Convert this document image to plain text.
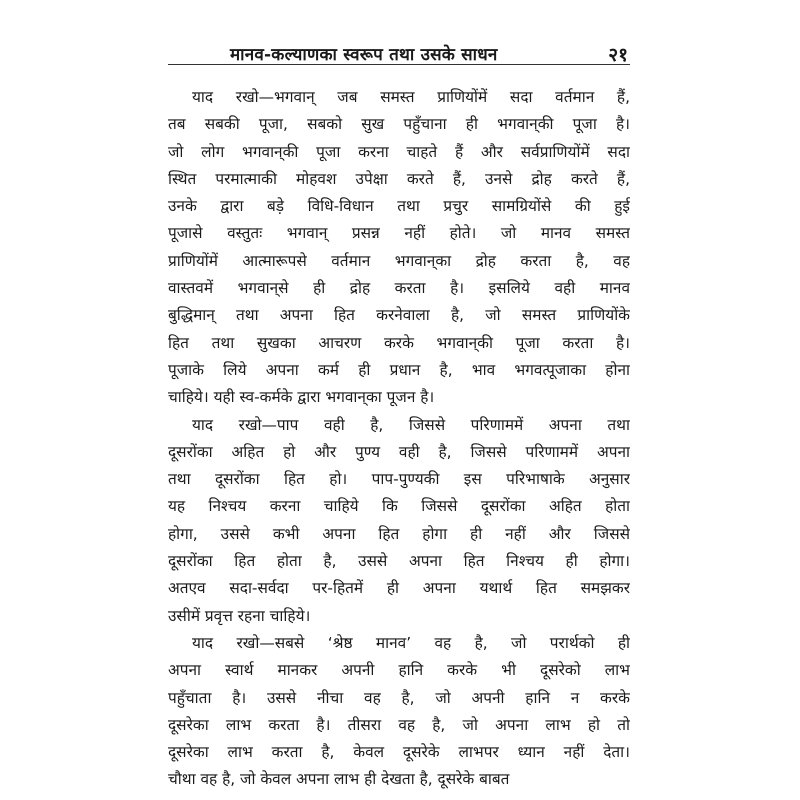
मानव-कल्याणका स्वरूप तथा उसके साधन	२१
याद रखो—भगवान् जब समस्त प्राणियोंमें सदा वर्तमान हैं,
तब सबकी पूजा, सबको सुख पहुँचाना ही भगवान्‌की पूजा है।
जो लोग भगवान्‌की पूजा करना चाहते हैं और सर्वप्राणियोंमें सदा
स्थित परमात्माकी मोहवश उपेक्षा करते हैं, उनसे द्रोह करते हैं,
उनके द्वारा बड़े विधि-विधान तथा प्रचुर सामग्रियोंसे की हुई
पूजासे वस्तुतः भगवान् प्रसन्न नहीं होते। जो मानव समस्त
प्राणियोंमें आत्मारूपसे वर्तमान भगवान्‌का द्रोह करता है, वह
वास्तवमें भगवान्‌से ही द्रोह करता है। इसलिये वही मानव
बुद्धिमान् तथा अपना हित करनेवाला है, जो समस्त प्राणियोंके
हित तथा सुखका आचरण करके भगवान्‌की पूजा करता है।
पूजाके लिये अपना कर्म ही प्रधान है, भाव भगवत्पूजाका होना
चाहिये। यही स्व-कर्मके द्वारा भगवान्‌का पूजन है।
याद रखो—पाप वही है, जिससे परिणाममें अपना तथा
दूसरोंका अहित हो और पुण्य वही है, जिससे परिणाममें अपना
तथा दूसरोंका हित हो। पाप-पुण्यकी इस परिभाषाके अनुसार
यह निश्चय करना चाहिये कि जिससे दूसरोंका अहित होता
होगा, उससे कभी अपना हित होगा ही नहीं और जिससे
दूसरोंका हित होता है, उससे अपना हित निश्चय ही होगा।
अतएव सदा-सर्वदा पर-हितमें ही अपना यथार्थ हित समझकर
उसीमें प्रवृत्त रहना चाहिये।
याद रखो—सबसे ‘श्रेष्ठ मानव’ वह है, जो परार्थको ही
अपना स्वार्थ मानकर अपनी हानि करके भी दूसरेको लाभ
पहुँचाता है। उससे नीचा वह है, जो अपनी हानि न करके
दूसरेका लाभ करता है। तीसरा वह है, जो अपना लाभ हो तो
दूसरेका लाभ करता है, केवल दूसरेके लाभपर ध्यान नहीं देता।
चौथा वह है, जो केवल अपना लाभ ही देखता है, दूसरेके बाबत
